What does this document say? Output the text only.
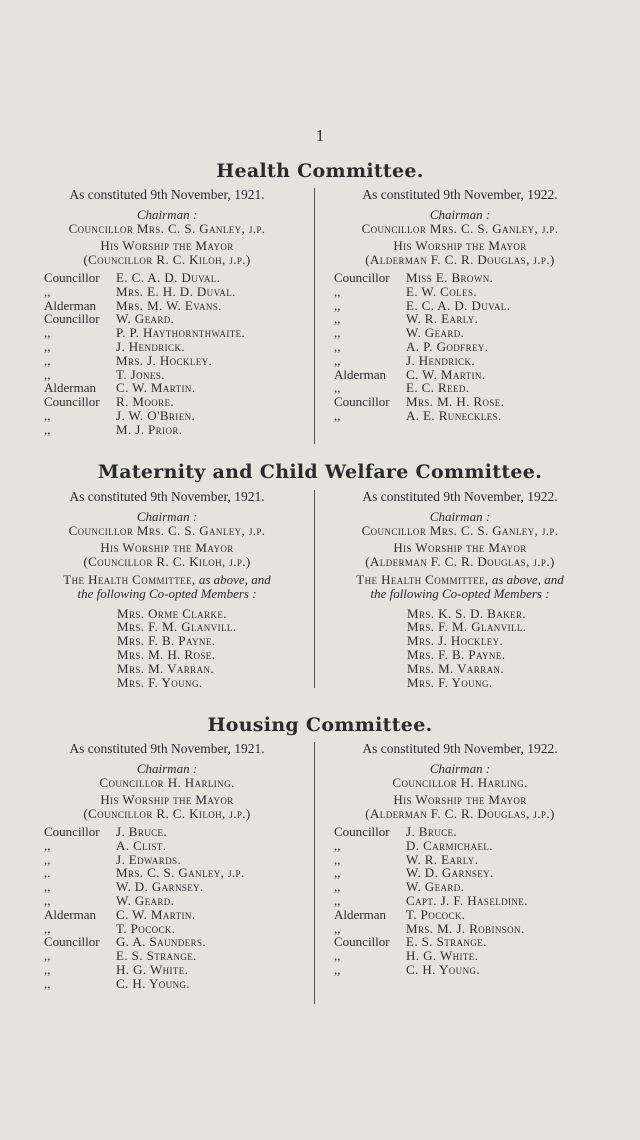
1
Health Committee.
As constituted 9th November, 1921.
Chairman :
Councillor Mrs. C. S. Ganley, j.p.
His Worship the Mayor
(Councillor R. C. Kiloh, j.p.)
Councillor	E. C. A. D. Duval.
,,	Mrs. E. H. D. Duval.
Alderman	Mrs. M. W. Evans.
Councillor	W. Geard.
,,	P. P. Haythornthwaite.
,,	J. Hendrick.
,,	Mrs. J. Hockley.
,,	T. Jones.
Alderman	C. W. Martin.
Councillor	R. Moore.
,,	J. W. O'Brien.
,,	M. J. Prior.
As constituted 9th November, 1922.
Chairman :
Councillor Mrs. C. S. Ganley, j.p.
His Worship the Mayor
(Alderman F. C. R. Douglas, j.p.)
Councillor	Miss E. Brown.
,,	E. W. Coles.
,,	E. C. A. D. Duval.
,,	W. R. Early.
,,	W. Geard.
,,	A. P. Godfrey.
,,	J. Hendrick.
Alderman	C. W. Martin.
,,	E. C. Reed.
Councillor	Mrs. M. H. Rose.
,,	A. E. Runeckles.
Maternity and Child Welfare Committee.
As constituted 9th November, 1921.
Chairman :
Councillor Mrs. C. S. Ganley, j.p.
His Worship the Mayor
(Councillor R. C. Kiloh, j.p.)
The Health Committee, as above, and
the following Co-opted Members :
Mrs. Orme Clarke.
Mrs. F. M. Glanvill.
Mrs. F. B. Payne.
Mrs. M. H. Rose.
Mrs. M. Varran.
Mrs. F. Young.
As constituted 9th November, 1922.
Chairman :
Councillor Mrs. C. S. Ganley, j.p.
His Worship the Mayor
(Alderman F. C. R. Douglas, j.p.)
The Health Committee, as above, and
the following Co-opted Members :
Mrs. K. S. D. Baker.
Mrs. F. M. Glanvill.
Mrs. J. Hockley.
Mrs. F. B. Payne.
Mrs. M. Varran.
Mrs. F. Young.
Housing Committee.
As constituted 9th November, 1921.
Chairman :
Councillor H. Harling.
His Worship the Mayor
(Councillor R. C. Kiloh, j.p.)
Councillor	J. Bruce.
,,	A. Clist.
,,	J. Edwards.
,.	Mrs. C. S. Ganley, j.p.
,,	W. D. Garnsey.
,,	W. Geard.
Alderman	C. W. Martin.
,,	T. Pocock.
Councillor	G. A. Saunders.
,,	E. S. Strange.
,,	H. G. White.
,,	C. H. Young.
As constituted 9th November, 1922.
Chairman :
Councillor H. Harling.
His Worship the Mayor
(Alderman F. C. R. Douglas, j.p.)
Councillor	J. Bruce.
,,	D. Carmichael.
,,	W. R. Early.
,,	W. D. Garnsey.
,,	W. Geard.
,,	Capt. J. F. Haseldine.
Alderman	T. Pocock.
,,	Mrs. M. J. Robinson.
Councillor	E. S. Strange.
,,	H. G. White.
,,	C. H. Young.
